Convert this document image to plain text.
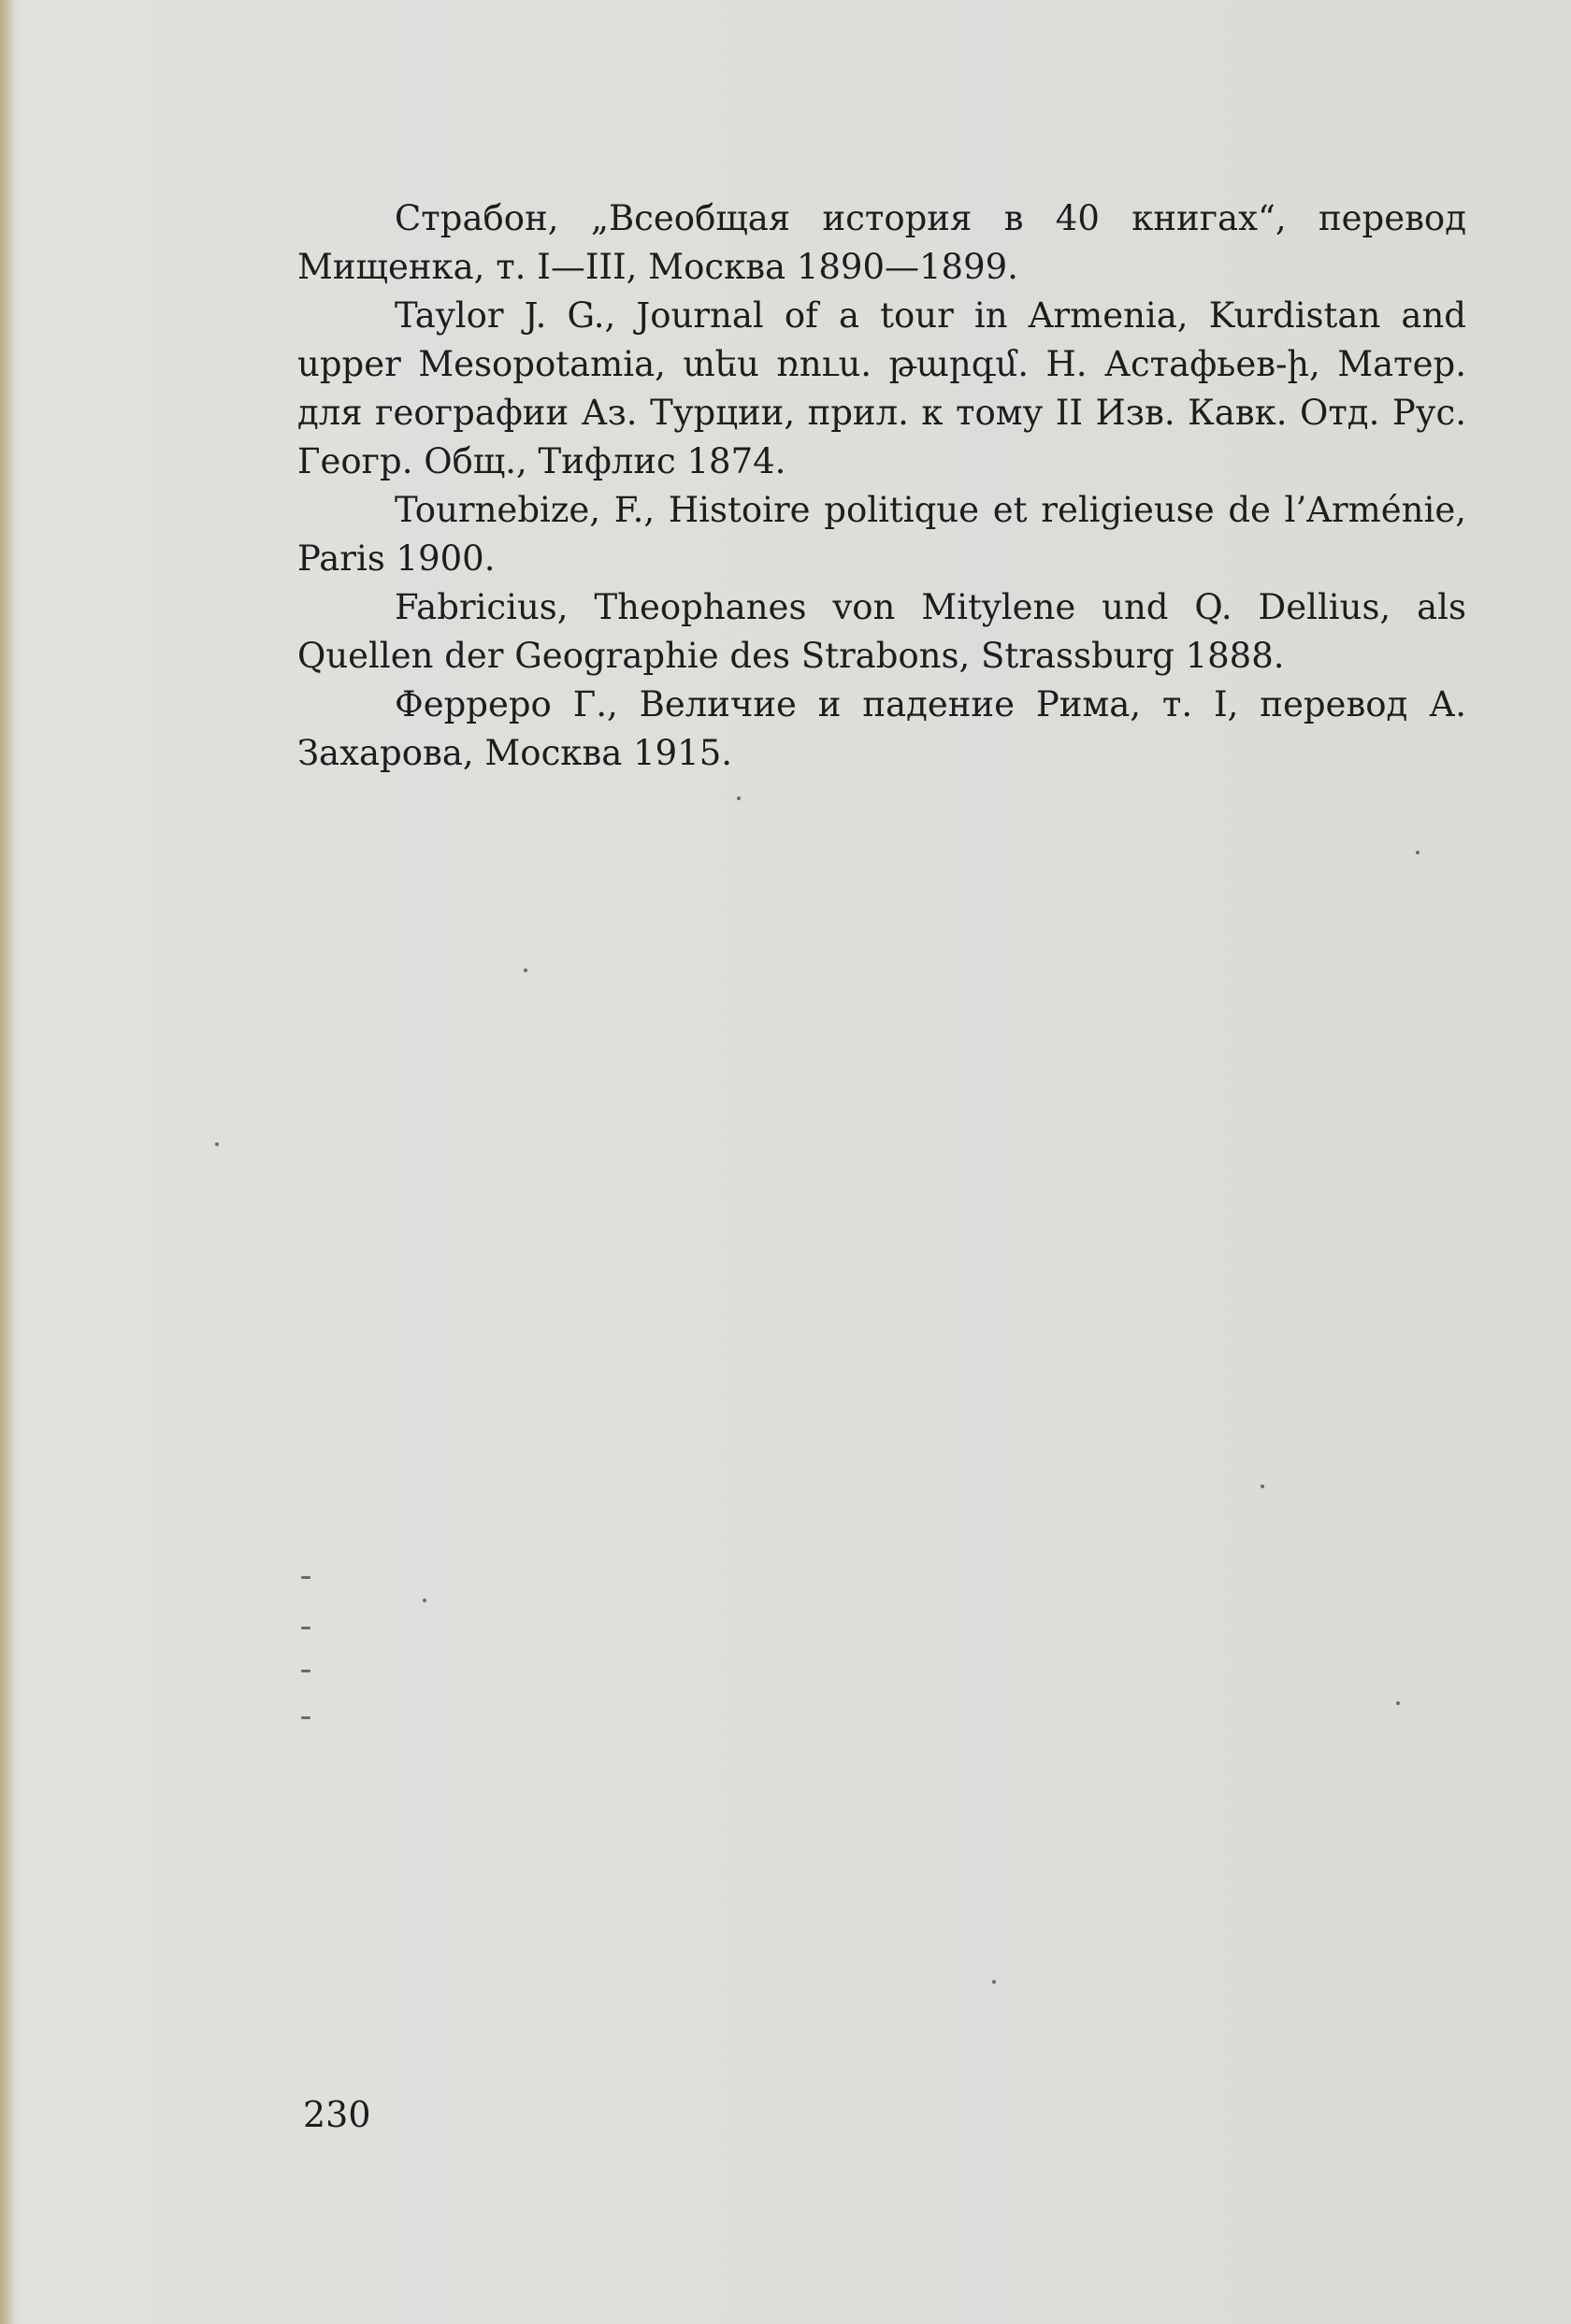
Страбон, „Всеобщая история в 40 книгах“, перевод Мищенка, т. I—III, Москва 1890—1899.

Taylor J. G., Journal of a tour in Armenia, Kurdistan and upper Mesopotamia, տես ռուս. թարգմ. Н. Астафьев-ի, Матер. для географии Аз. Турции, прил. к тому II Изв. Кавк. Отд. Рус. Геогр. Общ., Тифлис 1874.

Tournebize, F., Histoire politique et religieuse de l’Arménie, Paris 1900.

Fabricius, Theophanes von Mitylene und Q. Dellius, als Quellen der Geographie des Strabons, Strassburg 1888.

Ферреро Г., Величие и падение Рима, т. I, перевод А. Захарова, Москва 1915.

230
